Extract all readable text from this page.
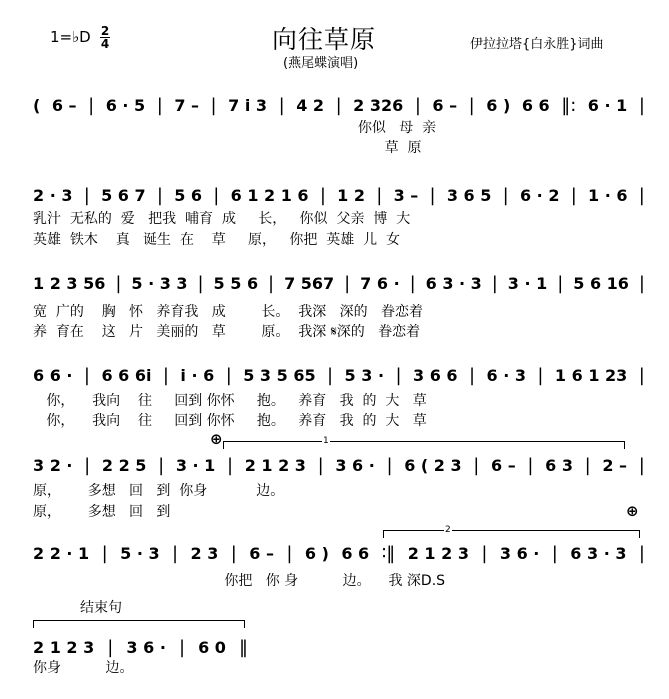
1=♭D 2
4	向往草原
(燕尾蝶演唱)
伊拉拉塔{白永胜}词曲
( 6 – | 6 · 5 | 7 – | 7 i 3 | 4 2 | 2 326 | 6 – | 6 ) 6 6 ‖: 6 · 1 |
你似   母  亲
草  原
2 · 3 | 5 6 7 | 5 6 | 6 1 2 1 6 | 1 2 | 3 – | 3 6 5 | 6 · 2 | 1 · 6 |
乳汁  无私的  爱   把我  哺育  成     长，   你似  父亲  博  大
英雄  铁木    真   诞生  在    草     原，   你把  英雄  儿  女
1 2 3 56 | 5 · 3 3 | 5 5 6 | 7 567 | 7 6 · | 6 3 · 3 | 3 · 1 | 5 6 16 |
宽  广的    胸   怀   养育我   成        长。  我深   深的   眷恋着
养  育在    这   片   美丽的   草        原。  我深 𝄋深的   眷恋着
6 6 · | 6 6 6i | i · 6 | 5 3 5 65 | 5 3 · | 3 6 6 | 6 · 3 | 1 6 1 23 |
你，    我向    往     回到 你怀     抱。   养育   我  的  大   草
你，    我向    往     回到 你怀     抱。   养育   我  的  大   草
⊕	1
3 2 · | 2 2 5 | 3 · 1 | 2 1 2 3 | 3 6 · | 6 ( 2 3 | 6 – | 6 3 | 2 – |
原，      多想   回   到  你身           边。
原，      多想   回   到	⊕
2
2 2 · 1 | 5 · 3 | 2 3 | 6 – | 6 ) 6 6 ∶‖ 2 1 2 3 | 3 6 · | 6 3 · 3 |
你把   你 身          边。    我 深D.S
结束句
2 1 2 3 | 3 6 · | 6 0 ‖
你身          边。
